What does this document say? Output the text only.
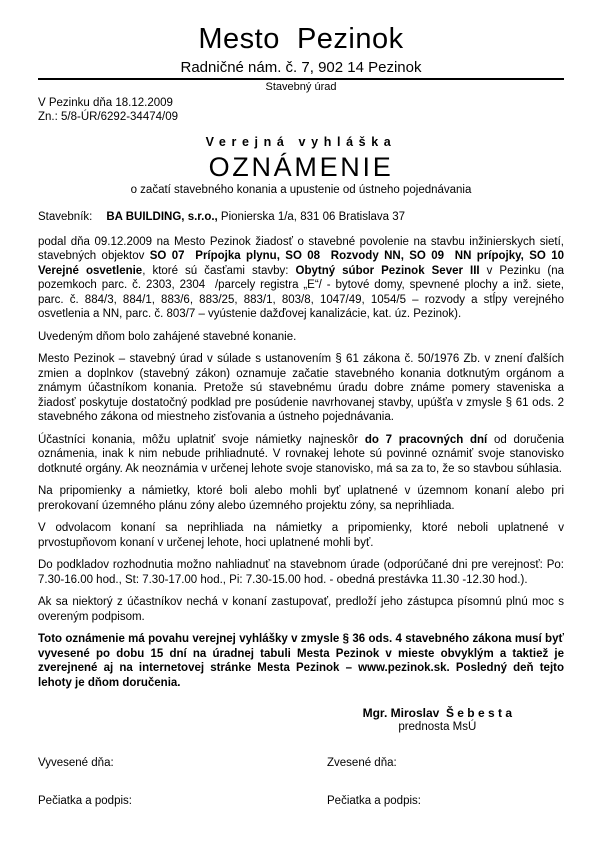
Mesto  Pezinok
Radničné nám. č. 7, 902 14 Pezinok
Stavebný úrad
V Pezinku dňa 18.12.2009
Zn.: 5/8-ÚR/6292-34474/09
Verejná vyhláška
OZNÁMENIE
o začatí stavebného konania a upustenie od ústneho pojednávania
Stavebník: BA BUILDING, s.r.o., Pionierska 1/a, 831 06 Bratislava 37

podal dňa 09.12.2009 na Mesto Pezinok žiadosť o stavebné povolenie na stavbu inžinierskych sietí, stavebných objektov SO 07  Prípojka plynu, SO 08  Rozvody NN, SO 09  NN prípojky, SO 10 Verejné osvetlenie, ktoré sú časťami stavby: Obytný súbor Pezinok Sever III v Pezinku (na pozemkoch parc. č. 2303, 2304  /parcely registra „E“/ - bytové domy, spevnené plochy a inž. siete, parc. č. 884/3, 884/1, 883/6, 883/25, 883/1, 803/8, 1047/49, 1054/5 – rozvody a stĺpy verejného osvetlenia a NN, parc. č. 803/7 – vyústenie dažďovej kanalizácie, kat. úz. Pezinok).

Uvedeným dňom bolo zahájené stavebné konanie.

Mesto Pezinok – stavebný úrad v súlade s ustanovením § 61 zákona č. 50/1976 Zb. v znení ďalších zmien a doplnkov (stavebný zákon) oznamuje začatie stavebného konania dotknutým orgánom a známym účastníkom konania. Pretože sú stavebnému úradu dobre známe pomery staveniska a žiadosť poskytuje dostatočný podklad pre posúdenie navrhovanej stavby, upúšťa v zmysle § 61 ods. 2 stavebného zákona od miestneho zisťovania a ústneho pojednávania.

Účastníci konania, môžu uplatniť svoje námietky najneskôr do 7 pracovných dní od doručenia oznámenia, inak k nim nebude prihliadnuté. V rovnakej lehote sú povinné oznámiť svoje stanovisko dotknuté orgány. Ak neoznámia v určenej lehote svoje stanovisko, má sa za to, že so stavbou súhlasia.

Na pripomienky a námietky, ktoré boli alebo mohli byť uplatnené v územnom konaní alebo pri prerokovaní územného plánu zóny alebo územného projektu zóny, sa neprihliada.

V odvolacom konaní sa neprihliada na námietky a pripomienky, ktoré neboli uplatnené v prvostupňovom konaní v určenej lehote, hoci uplatnené mohli byť.

Do podkladov rozhodnutia možno nahliadnuť na stavebnom úrade (odporúčané dni pre verejnosť: Po: 7.30-16.00 hod., St: 7.30-17.00 hod., Pi: 7.30-15.00 hod. - obedná prestávka 11.30 -12.30 hod.).

Ak sa niektorý z účastníkov nechá v konaní zastupovať, predloží jeho zástupca písomnú plnú moc s overeným podpisom.

Toto oznámenie má povahu verejnej vyhlášky v zmysle § 36 ods. 4 stavebného zákona musí byť vyvesené po dobu 15 dní na úradnej tabuli Mesta Pezinok v mieste obvyklým a taktiež je zverejnené aj na internetovej stránke Mesta Pezinok – www.pezinok.sk. Posledný deň tejto lehoty je dňom doručenia.

Mgr. Miroslav  Š e b e s t a
prednosta MsÚ
Vyvesené dňa:	Zvesené dňa:
Pečiatka a podpis:	Pečiatka a podpis:
